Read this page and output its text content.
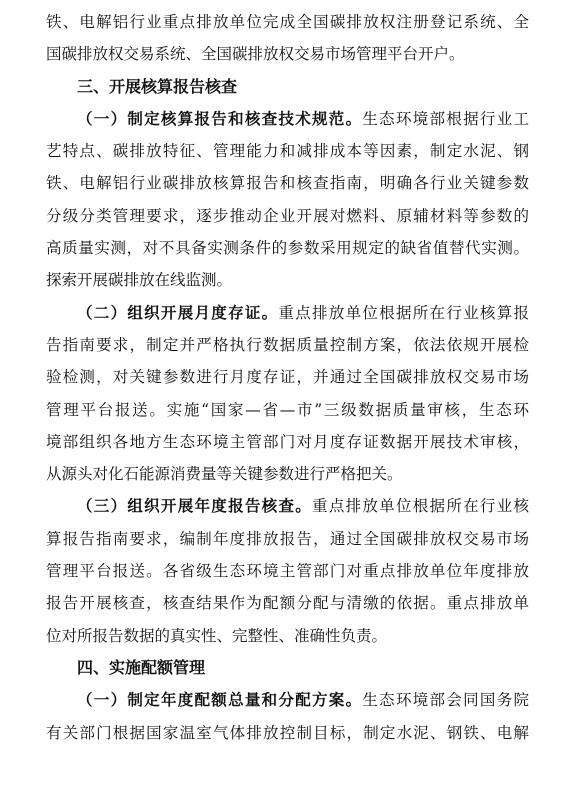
铁、电解铝行业重点排放单位完成全国碳排放权注册登记系统、全
国碳排放权交易系统、全国碳排放权交易市场管理平台开户。
三、开展核算报告核查
（一）制定核算报告和核查技术规范。生态环境部根据行业工
艺特点、碳排放特征、管理能力和减排成本等因素，制定水泥、钢
铁、电解铝行业碳排放核算报告和核查指南，明确各行业关键参数
分级分类管理要求，逐步推动企业开展对燃料、原辅材料等参数的
高质量实测，对不具备实测条件的参数采用规定的缺省值替代实测。
探索开展碳排放在线监测。
（二）组织开展月度存证。重点排放单位根据所在行业核算报
告指南要求，制定并严格执行数据质量控制方案，依法依规开展检
验检测，对关键参数进行月度存证，并通过全国碳排放权交易市场
管理平台报送。实施“国家—省—市”三级数据质量审核，生态环
境部组织各地方生态环境主管部门对月度存证数据开展技术审核，
从源头对化石能源消费量等关键参数进行严格把关。
（三）组织开展年度报告核查。重点排放单位根据所在行业核
算报告指南要求，编制年度排放报告，通过全国碳排放权交易市场
管理平台报送。各省级生态环境主管部门对重点排放单位年度排放
报告开展核查，核查结果作为配额分配与清缴的依据。重点排放单
位对所报告数据的真实性、完整性、准确性负责。
四、实施配额管理
（一）制定年度配额总量和分配方案。生态环境部会同国务院
有关部门根据国家温室气体排放控制目标，制定水泥、钢铁、电解
